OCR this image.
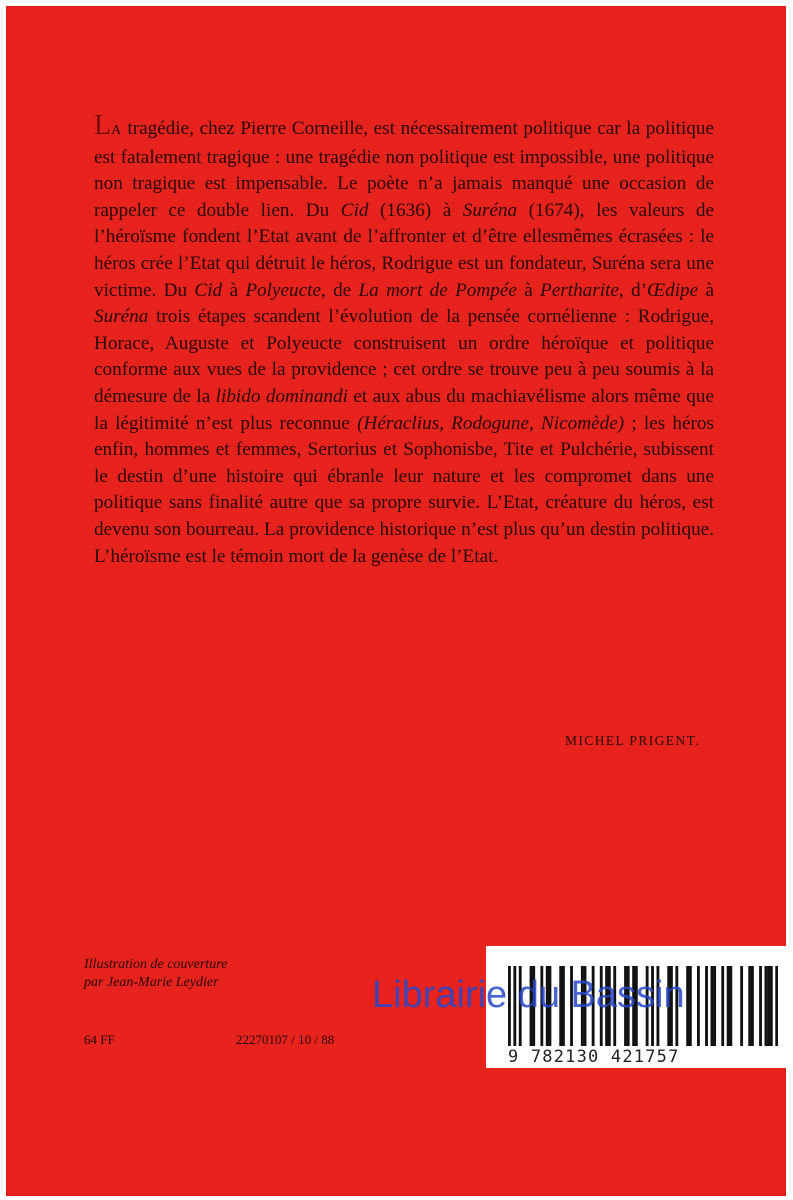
LA tragédie, chez Pierre Corneille, est nécessairement politique car la politique est fatalement tragique : une tragédie non politique est impossible, une politique non tragique est impensable. Le poète n’a jamais manqué une occasion de rappeler ce double lien. Du Cid (1636) à Suréna (1674), les valeurs de l’héroïsme fondent l’Etat avant de l’affronter et d’être ellesmêmes écrasées : le héros crée l’Etat qui détruit le héros, Rodrigue est un fondateur, Suréna sera une victime. Du Cid à Polyeucte, de La mort de Pompée à Pertharite, d’Œdipe à Suréna trois étapes scandent l’évolution de la pensée cornélienne : Rodrigue, Horace, Auguste et Polyeucte construisent un ordre héroïque et politique conforme aux vues de la providence ; cet ordre se trouve peu à peu soumis à la démesure de la libido dominandi et aux abus du machiavélisme alors même que la légitimité n’est plus reconnue (Héraclius, Rodogune, Nicomède) ; les héros enfin, hommes et femmes, Sertorius et Sophonisbe, Tite et Pulchérie, subissent le destin d’une histoire qui ébranle leur nature et les compromet dans une politique sans finalité autre que sa propre survie. L’Etat, créature du héros, est devenu son bourreau. La providence historique n’est plus qu’un destin politique. L’héroïsme est le témoin mort de la genèse de l’Etat.

MICHEL PRIGENT.
Illustration de couverture
par Jean-Marie Leydier
64 FF	22270107 / 10 / 88
9 782130 421757
Librairie du Bassin
